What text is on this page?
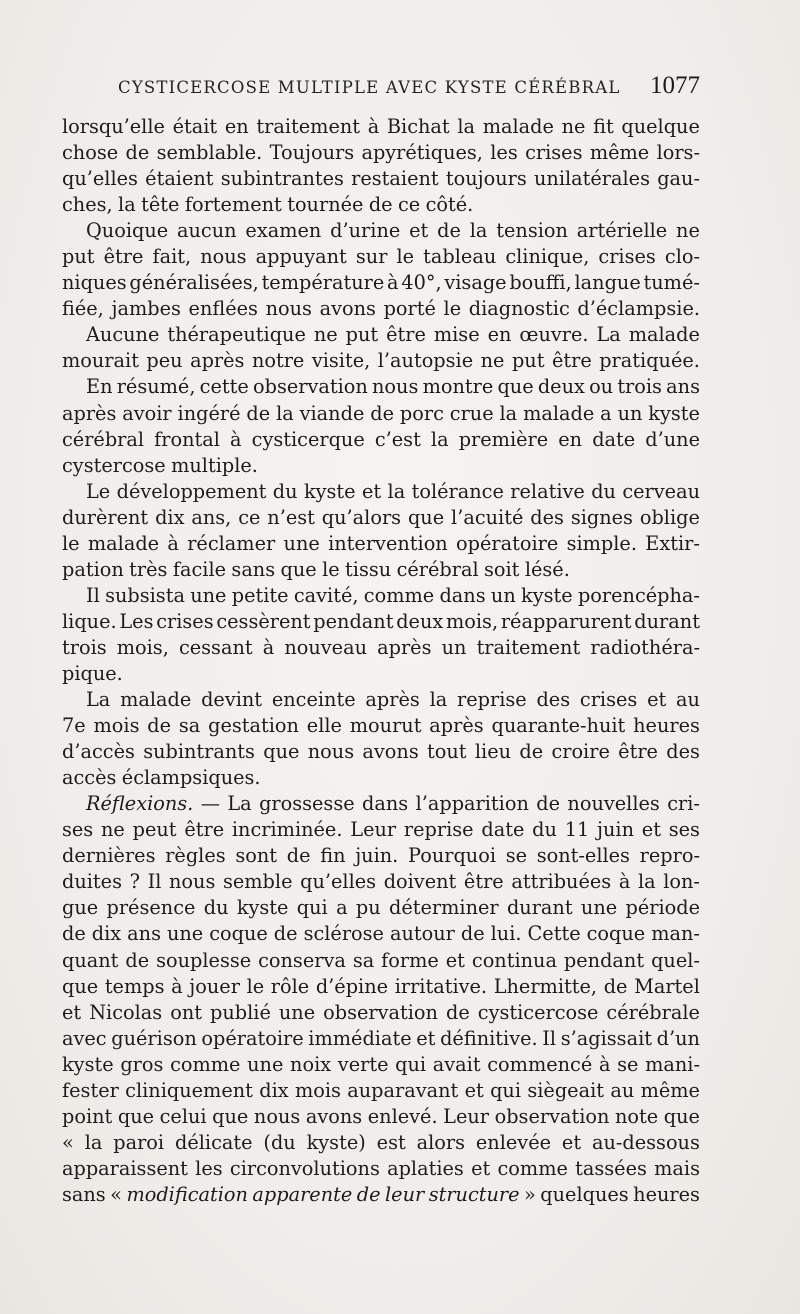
CYSTICERCOSE MULTIPLE AVEC KYSTE CÉRÉBRAL 1077
lorsqu’elle était en traitement à Bichat la malade ne fit quelque
chose de semblable. Toujours apyrétiques, les crises même lors-
qu’elles étaient subintrantes restaient toujours unilatérales gau-
ches, la tête fortement tournée de ce côté.
Quoique aucun examen d’urine et de la tension artérielle ne
put être fait, nous appuyant sur le tableau clinique, crises clo-
niques généralisées, température à 40°, visage bouffi, langue tumé-
fiée, jambes enflées nous avons porté le diagnostic d’éclampsie.
Aucune thérapeutique ne put être mise en œuvre. La malade
mourait peu après notre visite, l’autopsie ne put être pratiquée.
En résumé, cette observation nous montre que deux ou trois ans
après avoir ingéré de la viande de porc crue la malade a un kyste
cérébral frontal à cysticerque c’est la première en date d’une
cystercose multiple.
Le développement du kyste et la tolérance relative du cerveau
durèrent dix ans, ce n’est qu’alors que l’acuité des signes oblige
le malade à réclamer une intervention opératoire simple. Extir-
pation très facile sans que le tissu cérébral soit lésé.
Il subsista une petite cavité, comme dans un kyste porencépha-
lique. Les crises cessèrent pendant deux mois, réapparurent durant
trois mois, cessant à nouveau après un traitement radiothéra-
pique.
La malade devint enceinte après la reprise des crises et au
7e mois de sa gestation elle mourut après quarante-huit heures
d’accès subintrants que nous avons tout lieu de croire être des
accès éclampsiques.
Réflexions. — La grossesse dans l’apparition de nouvelles cri-
ses ne peut être incriminée. Leur reprise date du 11 juin et ses
dernières règles sont de fin juin. Pourquoi se sont-elles repro-
duites ? Il nous semble qu’elles doivent être attribuées à la lon-
gue présence du kyste qui a pu déterminer durant une période
de dix ans une coque de sclérose autour de lui. Cette coque man-
quant de souplesse conserva sa forme et continua pendant quel-
que temps à jouer le rôle d’épine irritative. Lhermitte, de Martel
et Nicolas ont publié une observation de cysticercose cérébrale
avec guérison opératoire immédiate et définitive. Il s’agissait d’un
kyste gros comme une noix verte qui avait commencé à se mani-
fester cliniquement dix mois auparavant et qui siègeait au même
point que celui que nous avons enlevé. Leur observation note que
« la paroi délicate (du kyste) est alors enlevée et au-dessous
apparaissent les circonvolutions aplaties et comme tassées mais
sans « modification apparente de leur structure » quelques heures
